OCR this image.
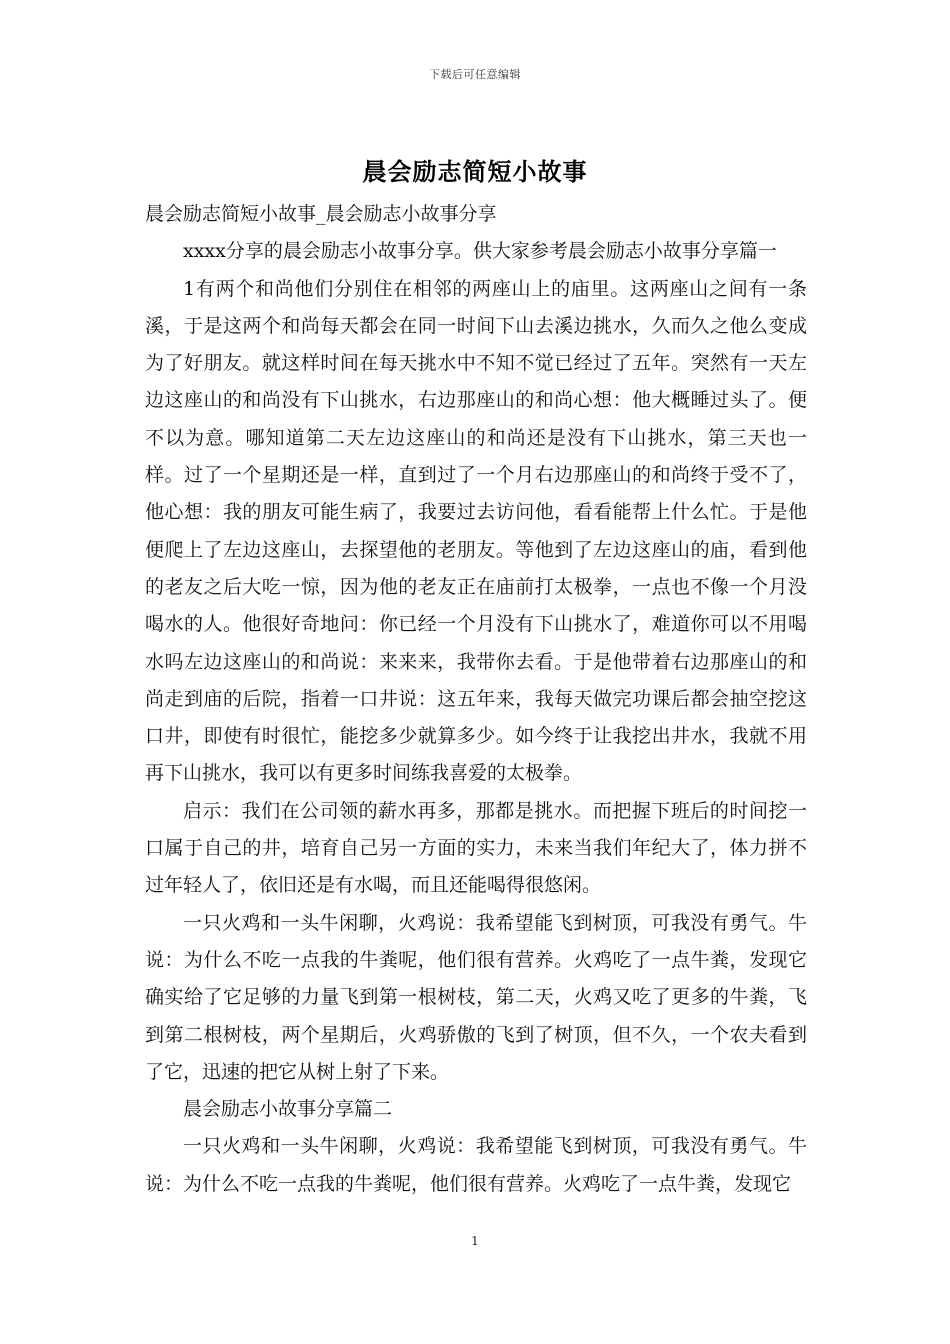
下载后可任意编辑
晨会励志简短小故事

晨会励志简短小故事_晨会励志小故事分享

xxxx分享的晨会励志小故事分享。供大家参考晨会励志小故事分享篇一

1有两个和尚他们分别住在相邻的两座山上的庙里。这两座山之间有一条溪，于是这两个和尚每天都会在同一时间下山去溪边挑水，久而久之他么变成为了好朋友。就这样时间在每天挑水中不知不觉已经过了五年。突然有一天左边这座山的和尚没有下山挑水，右边那座山的和尚心想：他大概睡过头了。便不以为意。哪知道第二天左边这座山的和尚还是没有下山挑水，第三天也一样。过了一个星期还是一样，直到过了一个月右边那座山的和尚终于受不了，他心想：我的朋友可能生病了，我要过去访问他，看看能帮上什么忙。于是他便爬上了左边这座山，去探望他的老朋友。等他到了左边这座山的庙，看到他的老友之后大吃一惊，因为他的老友正在庙前打太极拳，一点也不像一个月没喝水的人。他很好奇地问：你已经一个月没有下山挑水了，难道你可以不用喝水吗左边这座山的和尚说：来来来，我带你去看。于是他带着右边那座山的和尚走到庙的后院，指着一口井说：这五年来，我每天做完功课后都会抽空挖这口井，即使有时很忙，能挖多少就算多少。如今终于让我挖出井水，我就不用再下山挑水，我可以有更多时间练我喜爱的太极拳。

启示：我们在公司领的薪水再多，那都是挑水。而把握下班后的时间挖一口属于自己的井，培育自己另一方面的实力，未来当我们年纪大了，体力拼不过年轻人了，依旧还是有水喝，而且还能喝得很悠闲。

一只火鸡和一头牛闲聊，火鸡说：我希望能飞到树顶，可我没有勇气。牛说：为什么不吃一点我的牛粪呢，他们很有营养。火鸡吃了一点牛粪，发现它确实给了它足够的力量飞到第一根树枝，第二天，火鸡又吃了更多的牛粪，飞到第二根树枝，两个星期后，火鸡骄傲的飞到了树顶，但不久，一个农夫看到了它，迅速的把它从树上射了下来。

晨会励志小故事分享篇二

一只火鸡和一头牛闲聊，火鸡说：我希望能飞到树顶，可我没有勇气。牛说：为什么不吃一点我的牛粪呢，他们很有营养。火鸡吃了一点牛粪，发现它

1
